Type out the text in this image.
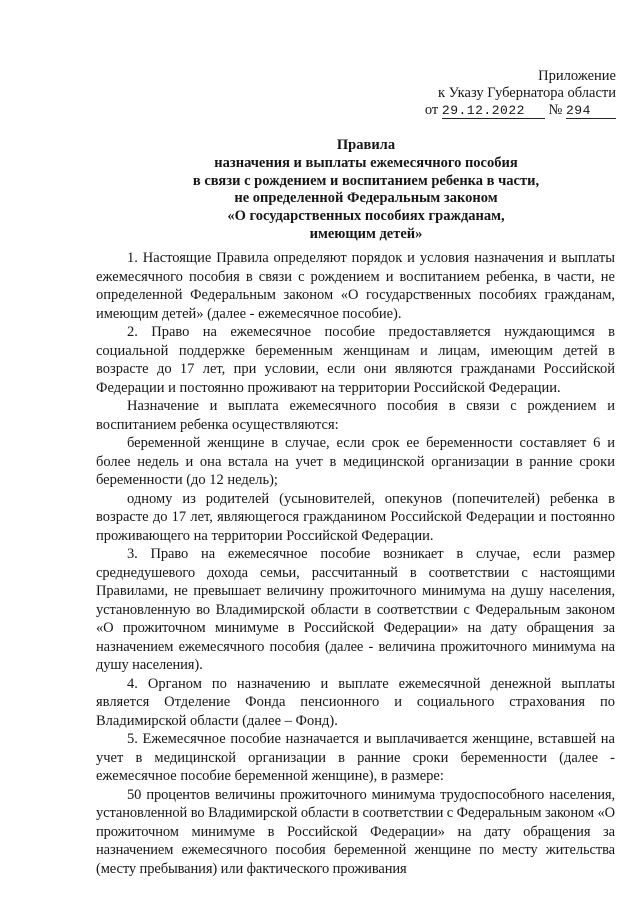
Приложение
к Указу Губернатора области
от 29.12.2022 № 294
Правила
назначения и выплаты ежемесячного пособия
в связи с рождением и воспитанием ребенка в части,
не определенной Федеральным законом
«О государственных пособиях гражданам,
имеющим детей»

1. Настоящие Правила определяют порядок и условия назначения и выплаты ежемесячного пособия в связи с рождением и воспитанием ребенка, в части, не определенной Федеральным законом «О государственных пособиях гражданам, имеющим детей» (далее - ежемесячное пособие).

2. Право на ежемесячное пособие предоставляется нуждающимся в социальной поддержке беременным женщинам и лицам, имеющим детей в возрасте до 17 лет, при условии, если они являются гражданами Российской Федерации и постоянно проживают на территории Российской Федерации.

Назначение и выплата ежемесячного пособия в связи с рождением и воспитанием ребенка осуществляются:

беременной женщине в случае, если срок ее беременности составляет 6 и более недель и она встала на учет в медицинской организации в ранние сроки беременности (до 12 недель);

одному из родителей (усыновителей, опекунов (попечителей) ребенка в возрасте до 17 лет, являющегося гражданином Российской Федерации и постоянно проживающего на территории Российской Федерации.

3. Право на ежемесячное пособие возникает в случае, если размер среднедушевого дохода семьи, рассчитанный в соответствии с настоящими Правилами, не превышает величину прожиточного минимума на душу населения, установленную во Владимирской области в соответствии с Федеральным законом «О прожиточном минимуме в Российской Федерации» на дату обращения за назначением ежемесячного пособия (далее - величина прожиточного минимума на душу населения).

4. Органом по назначению и выплате ежемесячной денежной выплаты является Отделение Фонда пенсионного и социального страхования по Владимирской области (далее – Фонд).

5. Ежемесячное пособие назначается и выплачивается женщине, вставшей на учет в медицинской организации в ранние сроки беременности (далее - ежемесячное пособие беременной женщине), в размере:

50 процентов величины прожиточного минимума трудоспособного населения, установленной во Владимирской области в соответствии с Федеральным законом «О прожиточном минимуме в Российской Федерации» на дату обращения за назначением ежемесячного пособия беременной женщине по месту жительства (месту пребывания) или фактического проживания
